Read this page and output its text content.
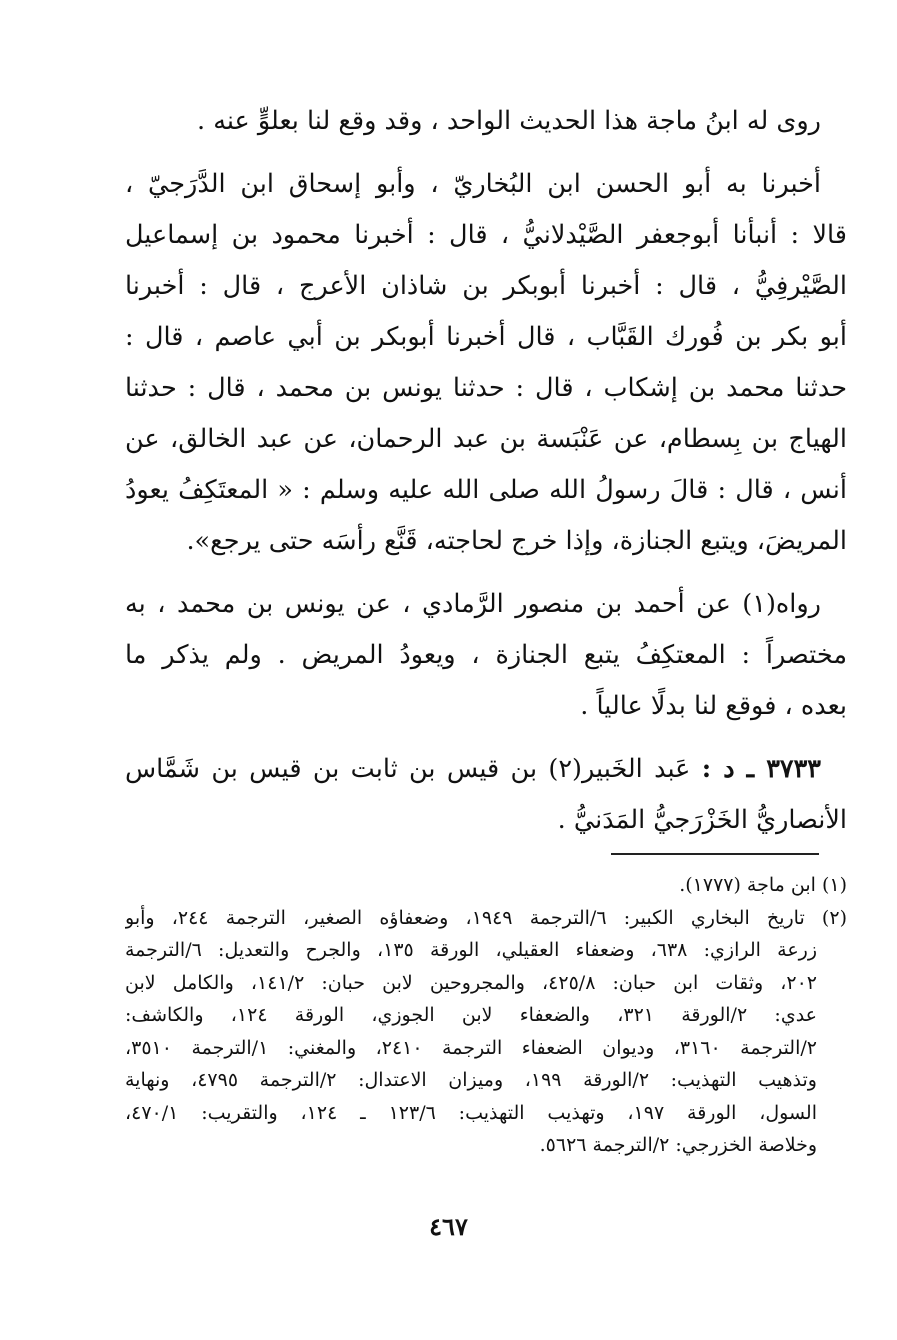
روى له ابنُ ماجة هذا الحديث الواحد ، وقد وقع لنا بعلوٍّ عنه .

أخبرنا به أبو الحسن ابن البُخاريّ ، وأبو إسحاق ابن الدَّرَجيّ ،
قالا : أنبأنا أبوجعفر الصَّيْدلانيُّ ، قال : أخبرنا محمود بن إسماعيل
الصَّيْرفِيُّ ، قال : أخبرنا أبوبكر بن شاذان الأعرج ، قال : أخبرنا
أبو بكر بن فُورك القَبَّاب ، قال أخبرنا أبوبكر بن أبي عاصم ، قال :
حدثنا محمد بن إشكاب ، قال : حدثنا يونس بن محمد ، قال : حدثنا
الهياج بن بِسطام، عن عَنْبَسة بن عبد الرحمان، عن عبد الخالق، عن
أنس ، قال : قالَ رسولُ الله صلى الله عليه وسلم : « المعتَكِفُ يعودُ
المريضَ، ويتبع الجنازة، وإذا خرج لحاجته، قَنَّع رأسَه حتى يرجع».

رواه(١) عن أحمد بن منصور الرَّمادي ، عن يونس بن محمد ، به
مختصراً : المعتكِفُ يتبع الجنازة ، ويعودُ المريض . ولم يذكر ما
بعده ، فوقع لنا بدلًا عالياً .

٣٧٣٣ ـ د : عَبد الخَبير(٢) بن قيس بن ثابت بن قيس بن شَمَّاس
الأنصاريُّ الخَزْرَجيُّ المَدَنيُّ .

(١) ابن ماجة (١٧٧٧).
(٢) تاريخ البخاري الكبير: ٦/الترجمة ١٩٤٩، وضعفاؤه الصغير، الترجمة ٢٤٤، وأبو
زرعة الرازي: ٦٣٨، وضعفاء العقيلي، الورقة ١٣٥، والجرح والتعديل: ٦/الترجمة
٢٠٢، وثقات ابن حبان: ٤٢٥/٨، والمجروحين لابن حبان: ١٤١/٢، والكامل لابن
عدي: ٢/الورقة ٣٢١، والضعفاء لابن الجوزي، الورقة ١٢٤، والكاشف:
٢/الترجمة ٣١٦٠، وديوان الضعفاء الترجمة ٢٤١٠، والمغني: ١/الترجمة ٣٥١٠،
وتذهيب التهذيب: ٢/الورقة ١٩٩، وميزان الاعتدال: ٢/الترجمة ٤٧٩٥، ونهاية
السول، الورقة ١٩٧، وتهذيب التهذيب: ١٢٣/٦ ـ ١٢٤، والتقريب: ٤٧٠/١،
وخلاصة الخزرجي: ٢/الترجمة ٥٦٢٦.
٤٦٧
